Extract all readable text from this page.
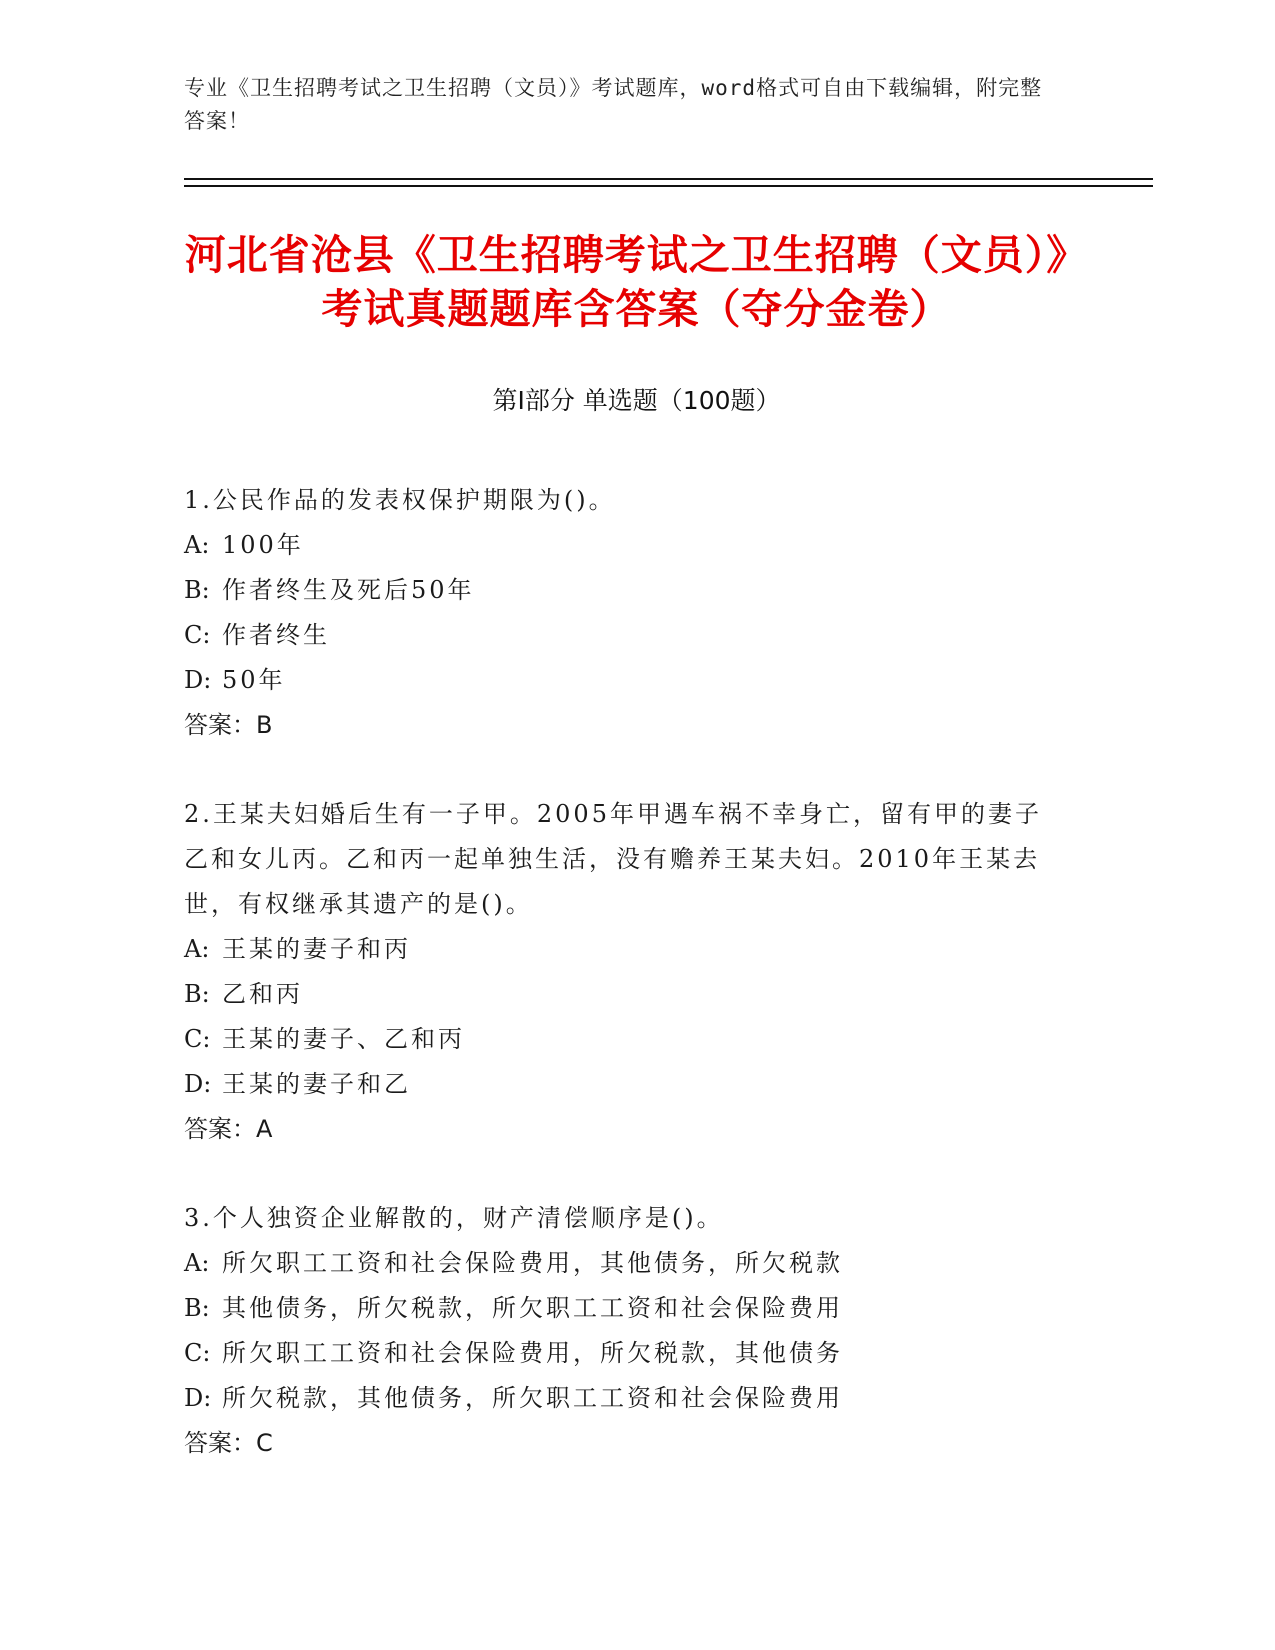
专业《卫生招聘考试之卫生招聘（文员）》考试题库，word格式可自由下载编辑，附完整答案！
河北省沧县《卫生招聘考试之卫生招聘（文员）》考试真题题库含答案（夺分金卷）
第Ⅰ部分 单选题（100题）

1.公民作品的发表权保护期限为()。

A: 100年

B: 作者终生及死后50年

C: 作者终生

D: 50年

答案：B

2.王某夫妇婚后生有一子甲。2005年甲遇车祸不幸身亡，留有甲的妻子乙和女儿丙。乙和丙一起单独生活，没有赡养王某夫妇。2010年王某去世，有权继承其遗产的是()。

A: 王某的妻子和丙

B: 乙和丙

C: 王某的妻子、乙和丙

D: 王某的妻子和乙

答案：A

3.个人独资企业解散的，财产清偿顺序是()。

A: 所欠职工工资和社会保险费用，其他债务，所欠税款

B: 其他债务，所欠税款，所欠职工工资和社会保险费用

C: 所欠职工工资和社会保险费用，所欠税款，其他债务

D: 所欠税款，其他债务，所欠职工工资和社会保险费用

答案：C
